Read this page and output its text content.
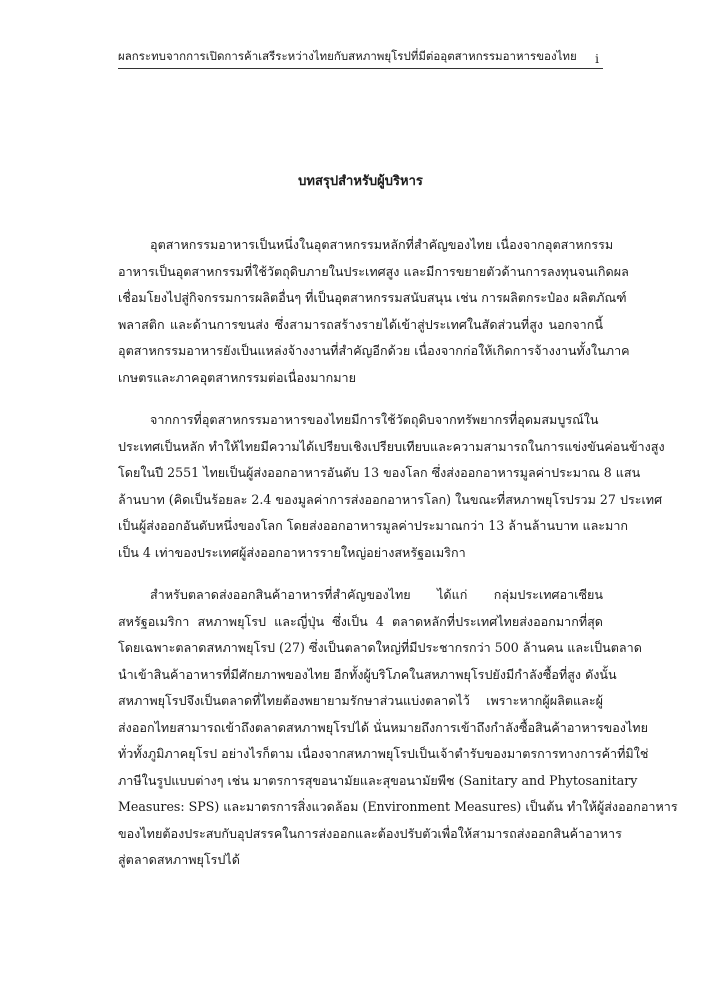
ผลกระทบจากการเปิดการค้าเสรีระหว่างไทยกับสหภาพยุโรปที่มีต่ออุตสาหกรรมอาหารของไทย i
บทสรุปสำหรับผู้บริหาร

อุตสาหกรรมอาหารเป็นหนึ่งในอุตสาหกรรมหลักที่สำคัญของไทย เนื่องจากอุตสาหกรรม
อาหารเป็นอุตสาหกรรมที่ใช้วัตถุดิบภายในประเทศสูง และมีการขยายตัวด้านการลงทุนจนเกิดผล
เชื่อมโยงไปสู่กิจกรรมการผลิตอื่นๆ ที่เป็นอุตสาหกรรมสนับสนุน เช่น การผลิตกระป๋อง ผลิตภัณฑ์
พลาสติก และด้านการขนส่ง ซึ่งสามารถสร้างรายได้เข้าสู่ประเทศในสัดส่วนที่สูง นอกจากนี้
อุตสาหกรรมอาหารยังเป็นแหล่งจ้างงานที่สำคัญอีกด้วย เนื่องจากก่อให้เกิดการจ้างงานทั้งในภาค
เกษตรและภาคอุตสาหกรรมต่อเนื่องมากมาย

จากการที่อุตสาหกรรมอาหารของไทยมีการใช้วัตถุดิบจากทรัพยากรที่อุดมสมบูรณ์ใน
ประเทศเป็นหลัก ทำให้ไทยมีความได้เปรียบเชิงเปรียบเทียบและความสามารถในการแข่งขันค่อนข้างสูง
โดยในปี 2551 ไทยเป็นผู้ส่งออกอาหารอันดับ 13 ของโลก ซึ่งส่งออกอาหารมูลค่าประมาณ 8 แสน
ล้านบาท (คิดเป็นร้อยละ 2.4 ของมูลค่าการส่งออกอาหารโลก) ในขณะที่สหภาพยุโรปรวม 27 ประเทศ
เป็นผู้ส่งออกอันดับหนึ่งของโลก โดยส่งออกอาหารมูลค่าประมาณกว่า 13 ล้านล้านบาท และมาก
เป็น 4 เท่าของประเทศผู้ส่งออกอาหารรายใหญ่อย่างสหรัฐอเมริกา

สำหรับตลาดส่งออกสินค้าอาหารที่สำคัญของไทย ได้แก่ กลุ่มประเทศอาเซียน
สหรัฐอเมริกา สหภาพยุโรป และญี่ปุ่น ซึ่งเป็น 4 ตลาดหลักที่ประเทศไทยส่งออกมากที่สุด
โดยเฉพาะตลาดสหภาพยุโรป (27) ซึ่งเป็นตลาดใหญ่ที่มีประชากรกว่า 500 ล้านคน และเป็นตลาด
นำเข้าสินค้าอาหารที่มีศักยภาพของไทย อีกทั้งผู้บริโภคในสหภาพยุโรปยังมีกำลังซื้อที่สูง ดังนั้น
สหภาพยุโรปจึงเป็นตลาดที่ไทยต้องพยายามรักษาส่วนแบ่งตลาดไว้ เพราะหากผู้ผลิตและผู้
ส่งออกไทยสามารถเข้าถึงตลาดสหภาพยุโรปได้ นั่นหมายถึงการเข้าถึงกำลังซื้อสินค้าอาหารของไทย
ทั่วทั้งภูมิภาคยุโรป อย่างไรก็ตาม เนื่องจากสหภาพยุโรปเป็นเจ้าตำรับของมาตรการทางการค้าที่มิใช่
ภาษีในรูปแบบต่างๆ เช่น มาตรการสุขอนามัยและสุขอนามัยพืช (Sanitary and Phytosanitary
Measures: SPS) และมาตรการสิ่งแวดล้อม (Environment Measures) เป็นต้น ทำให้ผู้ส่งออกอาหาร
ของไทยต้องประสบกับอุปสรรคในการส่งออกและต้องปรับตัวเพื่อให้สามารถส่งออกสินค้าอาหาร
สู่ตลาดสหภาพยุโรปได้
